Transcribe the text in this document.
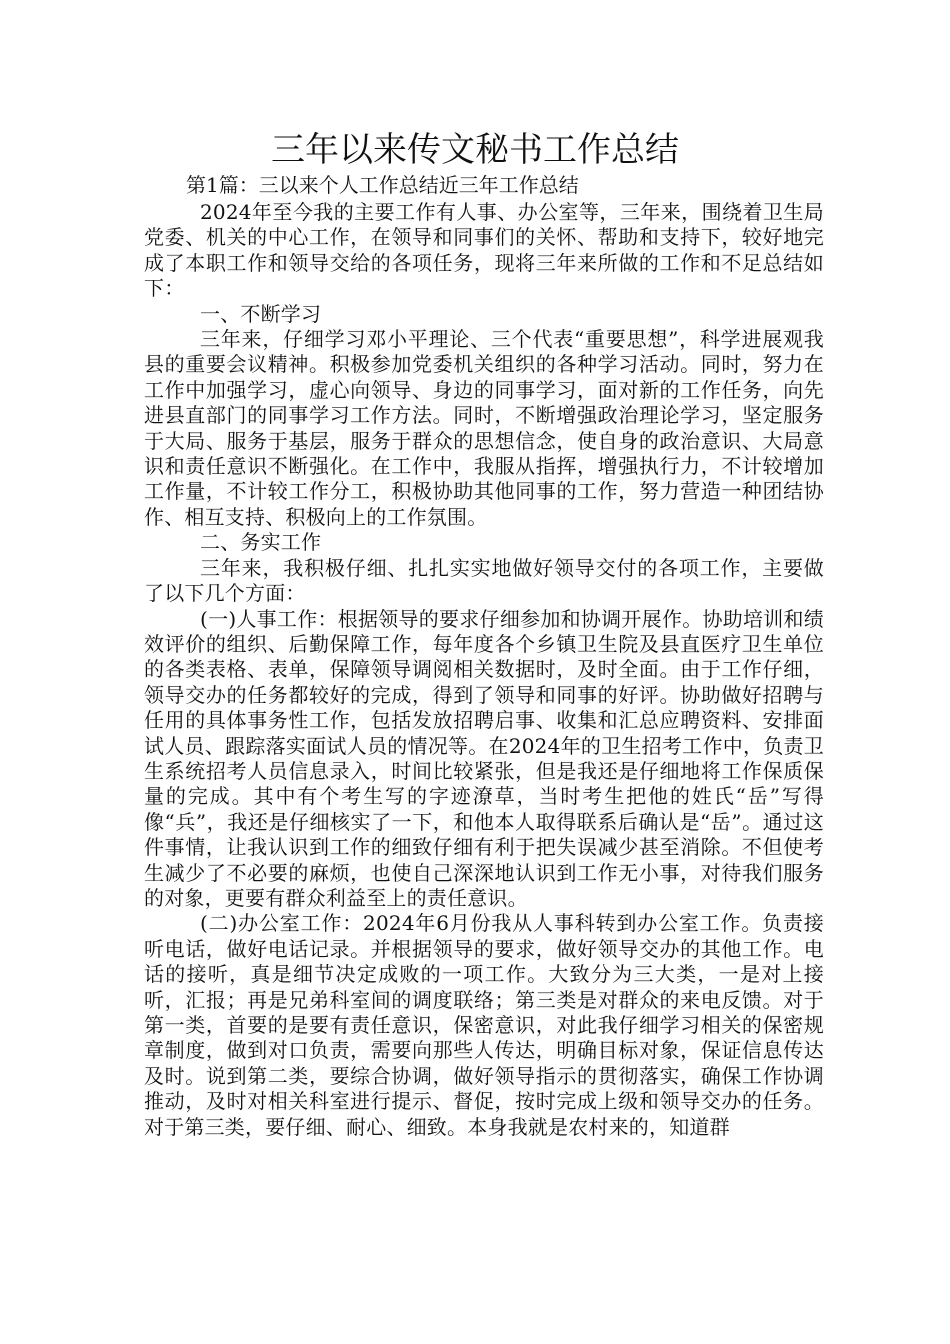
三年以来传文秘书工作总结
第1篇：三以来个人工作总结近三年工作总结

2024年至今我的主要工作有人事、办公室等，三年来，围绕着卫生局党委、机关的中心工作，在领导和同事们的关怀、帮助和支持下，较好地完成了本职工作和领导交给的各项任务，现将三年来所做的工作和不足总结如下：

一、不断学习

三年来，仔细学习邓小平理论、三个代表“重要思想”，科学进展观我县的重要会议精神。积极参加党委机关组织的各种学习活动。同时，努力在工作中加强学习，虚心向领导、身边的同事学习，面对新的工作任务，向先进县直部门的同事学习工作方法。同时，不断增强政治理论学习，坚定服务于大局、服务于基层，服务于群众的思想信念，使自身的政治意识、大局意识和责任意识不断强化。在工作中，我服从指挥，增强执行力，不计较增加工作量，不计较工作分工，积极协助其他同事的工作，努力营造一种团结协作、相互支持、积极向上的工作氛围。

二、务实工作

三年来，我积极仔细、扎扎实实地做好领导交付的各项工作，主要做了以下几个方面：

(一)人事工作：根据领导的要求仔细参加和协调开展作。协助培训和绩效评价的组织、后勤保障工作，每年度各个乡镇卫生院及县直医疗卫生单位的各类表格、表单，保障领导调阅相关数据时，及时全面。由于工作仔细，领导交办的任务都较好的完成，得到了领导和同事的好评。协助做好招聘与任用的具体事务性工作，包括发放招聘启事、收集和汇总应聘资料、安排面试人员、跟踪落实面试人员的情况等。在2024年的卫生招考工作中，负责卫生系统招考人员信息录入，时间比较紧张，但是我还是仔细地将工作保质保量的完成。其中有个考生写的字迹潦草，当时考生把他的姓氏“岳”写得像“兵”，我还是仔细核实了一下，和他本人取得联系后确认是“岳”。通过这件事情，让我认识到工作的细致仔细有利于把失误减少甚至消除。不但使考生减少了不必要的麻烦，也使自己深深地认识到工作无小事，对待我们服务的对象，更要有群众利益至上的责任意识。

(二)办公室工作：2024年6月份我从人事科转到办公室工作。负责接听电话，做好电话记录。并根据领导的要求，做好领导交办的其他工作。电话的接听，真是细节决定成败的一项工作。大致分为三大类，一是对上接听，汇报；再是兄弟科室间的调度联络；第三类是对群众的来电反馈。对于第一类，首要的是要有责任意识，保密意识，对此我仔细学习相关的保密规章制度，做到对口负责，需要向那些人传达，明确目标对象，保证信息传达及时。说到第二类，要综合协调，做好领导指示的贯彻落实，确保工作协调推动，及时对相关科室进行提示、督促，按时完成上级和领导交办的任务。对于第三类，要仔细、耐心、细致。本身我就是农村来的，知道群
